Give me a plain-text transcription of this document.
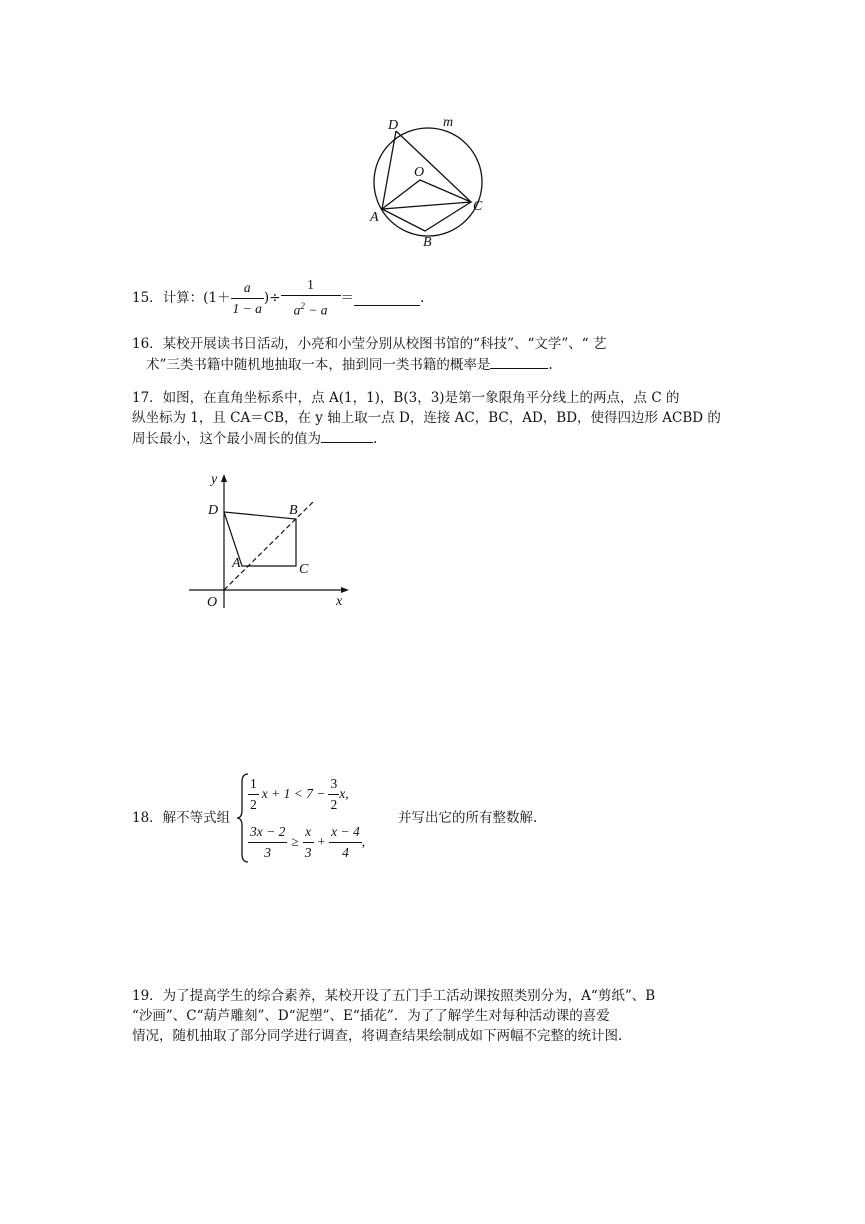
D	m
O
A
C
B
15． 计算：($1+ \frac{a}{1 - a}$ )÷ $\frac{1}{a^2 - a}$ ＝	.
16．某校开展读书日活动，小亮和小莹分别从校图书馆的“科技”、“文学”、“ 艺
术”三类书籍中随机地抽取一本，抽到同一类书籍的概率是	.
17．如图，在直角坐标系中，点 A(1，1)，B(3，3)是第一象限角平分线上的两点，点 C 的
纵坐标为 1，且 CA＝CB，在 y 轴上取一点 D，连接 AC，BC，AD，BD，使得四边形 ACBD 的
周长最小，这个最小周长的值为	.
y
D	B
A	C
O	x
18．解不等式组
$\frac{1}{2}$ $x + 1 < 7 - \frac{3}{2} x$,
$\frac{3x - 2}{3} \ge \frac{x}{3} + \frac{x - 4}{4}$ ,
并写出它的所有整数解.
19．为了提高学生的综合素养，某校开设了五门手工活动课按照类别分为，A“剪纸”、B
“沙画”、C“葫芦雕刻”、D“泥塑”、E“插花”．为了了解学生对每种活动课的喜爱
情况，随机抽取了部分同学进行调查，将调查结果绘制成如下两幅不完整的统计图.
